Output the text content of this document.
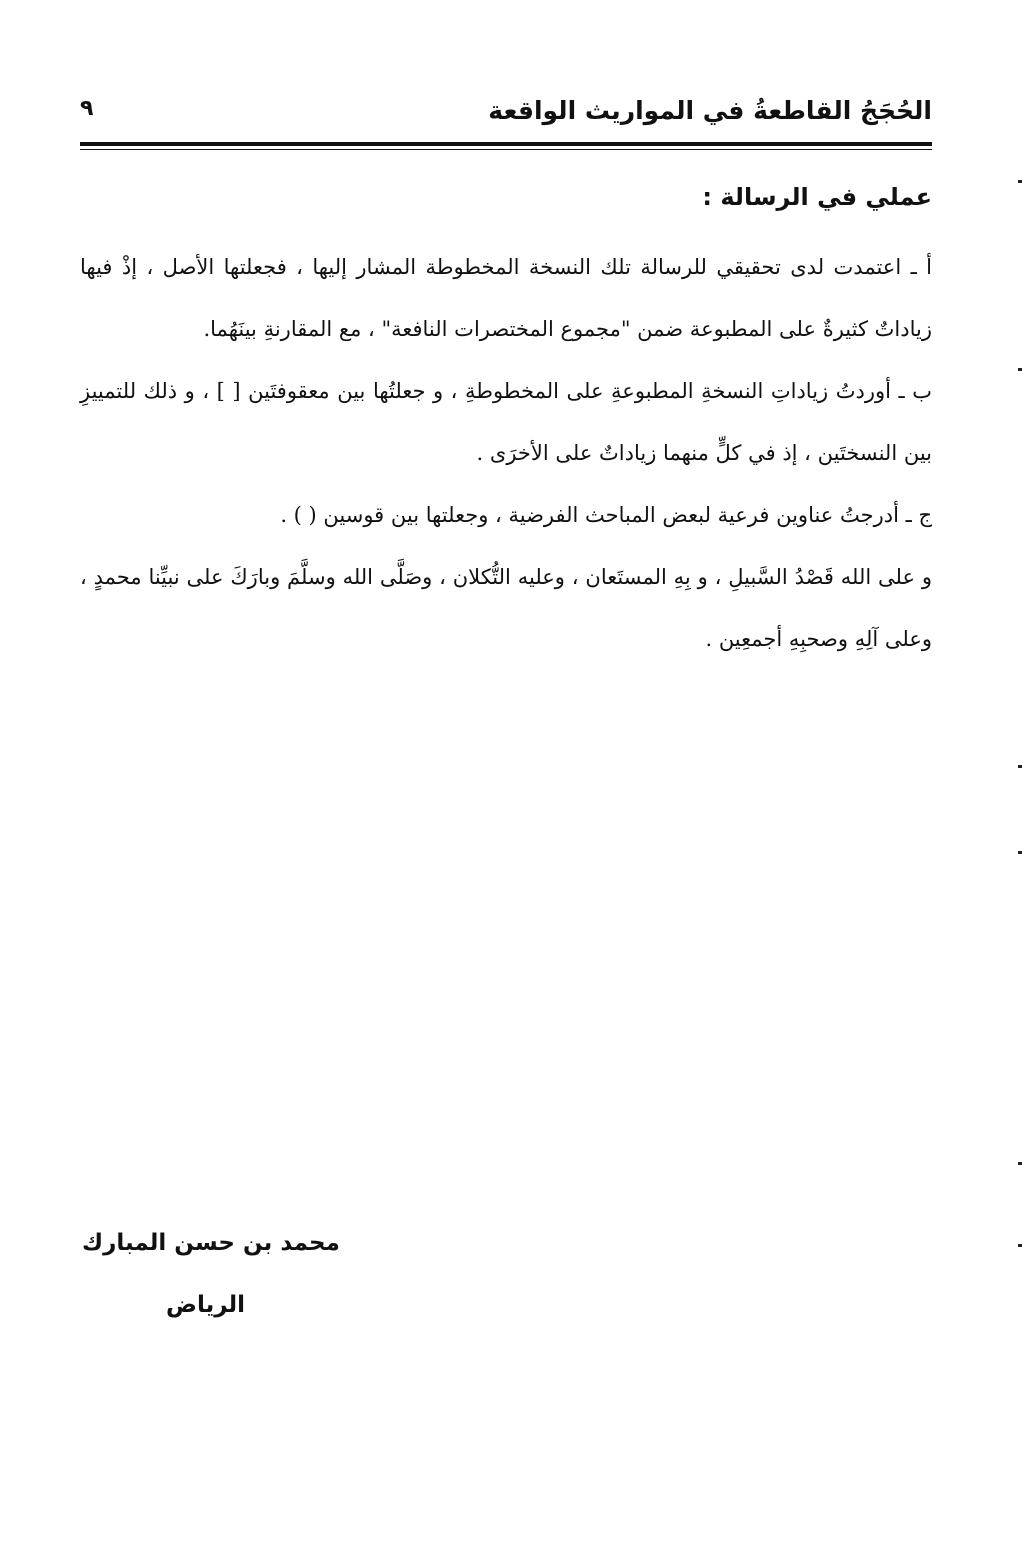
الحُجَجُ القاطعةُ في المواريث الواقعة
٩
عملي في الرسالة :

أ ـ اعتمدت لدى تحقيقي للرسالة تلك النسخة المخطوطة المشار إليها ، فجعلتها الأصل ، إذْ فيها زياداتٌ كثيرةٌ على المطبوعة ضمن "مجموع المختصرات النافعة" ، مع المقارنةِ بينَهُما.

ب ـ أوردتُ زياداتِ النسخةِ المطبوعةِ على المخطوطةِ ، و جعلتُها بين معقوفتَين [ ] ، و ذلك للتمييزِ بين النسختَين ، إذ في كلٍّ منهما زياداتٌ على الأخرَى .

ج ـ أدرجتُ عناوين فرعية لبعض المباحث الفرضية ، وجعلتها بين قوسين ( ) .

و على الله قَصْدُ السَّبيلِ ، و بِهِ المستَعان ، وعليه التُّكلان ، وصَلَّى الله وسلَّمَ وبارَكَ على نبيِّنا محمدٍ ، وعلى آلِهِ وصحبِهِ أجمعِين .

محمد بن حسن المبارك
الرياض
